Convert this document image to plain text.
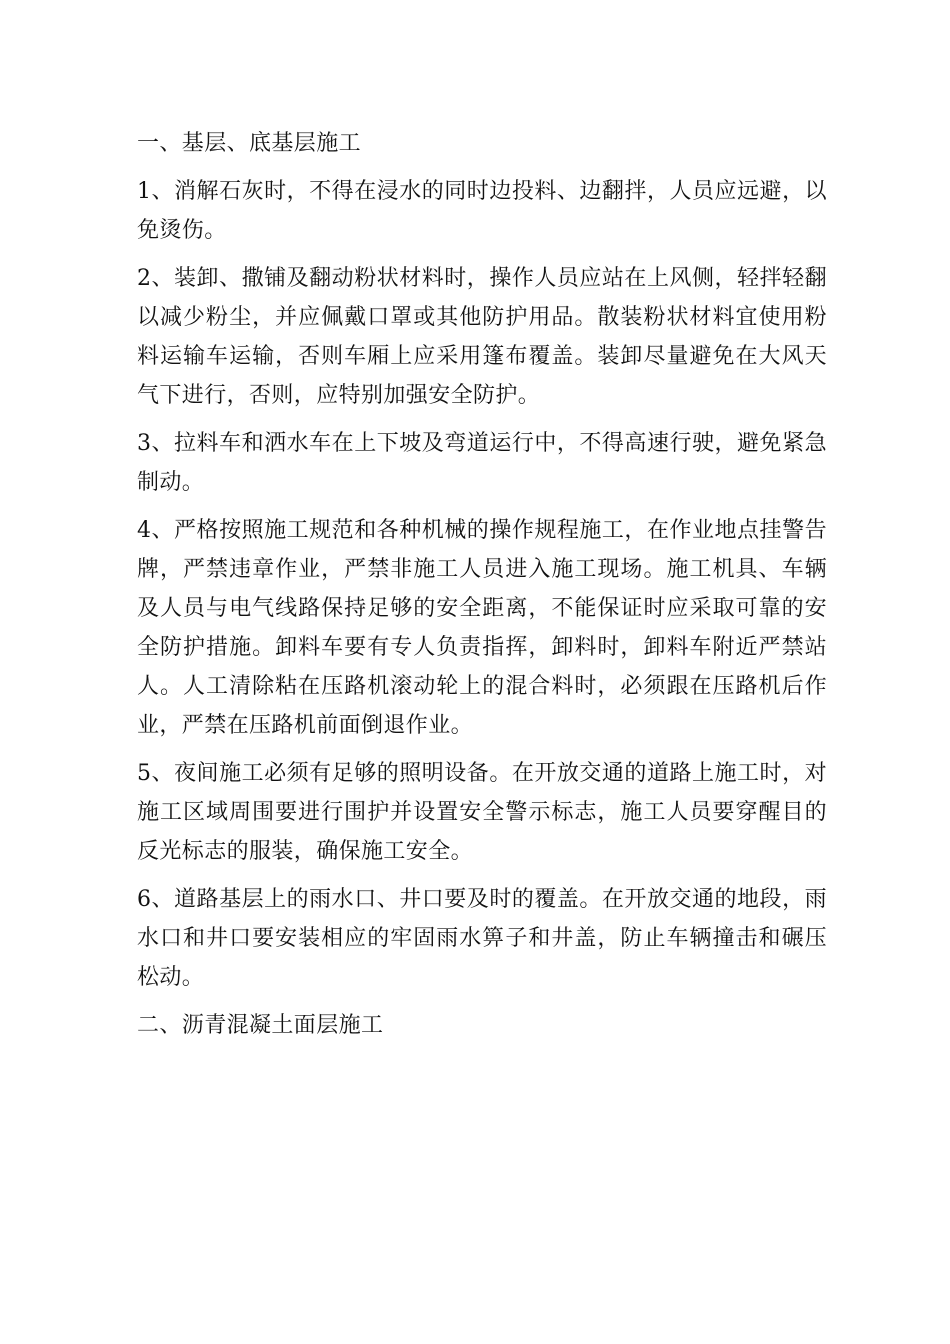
一、基层、底基层施工

1、消解石灰时，不得在浸水的同时边投料、边翻拌，人员应远避，以免烫伤。

2、装卸、撒铺及翻动粉状材料时，操作人员应站在上风侧，轻拌轻翻以减少粉尘，并应佩戴口罩或其他防护用品。散装粉状材料宜使用粉料运输车运输，否则车厢上应采用篷布覆盖。装卸尽量避免在大风天气下进行，否则，应特别加强安全防护。

3、拉料车和洒水车在上下坡及弯道运行中，不得高速行驶，避免紧急制动。

4、严格按照施工规范和各种机械的操作规程施工，在作业地点挂警告牌，严禁违章作业，严禁非施工人员进入施工现场。施工机具、车辆及人员与电气线路保持足够的安全距离，不能保证时应采取可靠的安全防护措施。卸料车要有专人负责指挥，卸料时，卸料车附近严禁站人。人工清除粘在压路机滚动轮上的混合料时，必须跟在压路机后作业，严禁在压路机前面倒退作业。

5、夜间施工必须有足够的照明设备。在开放交通的道路上施工时，对施工区域周围要进行围护并设置安全警示标志，施工人员要穿醒目的反光标志的服装，确保施工安全。

6、道路基层上的雨水口、井口要及时的覆盖。在开放交通的地段，雨水口和井口要安装相应的牢固雨水箅子和井盖，防止车辆撞击和碾压松动。

二、沥青混凝土面层施工
